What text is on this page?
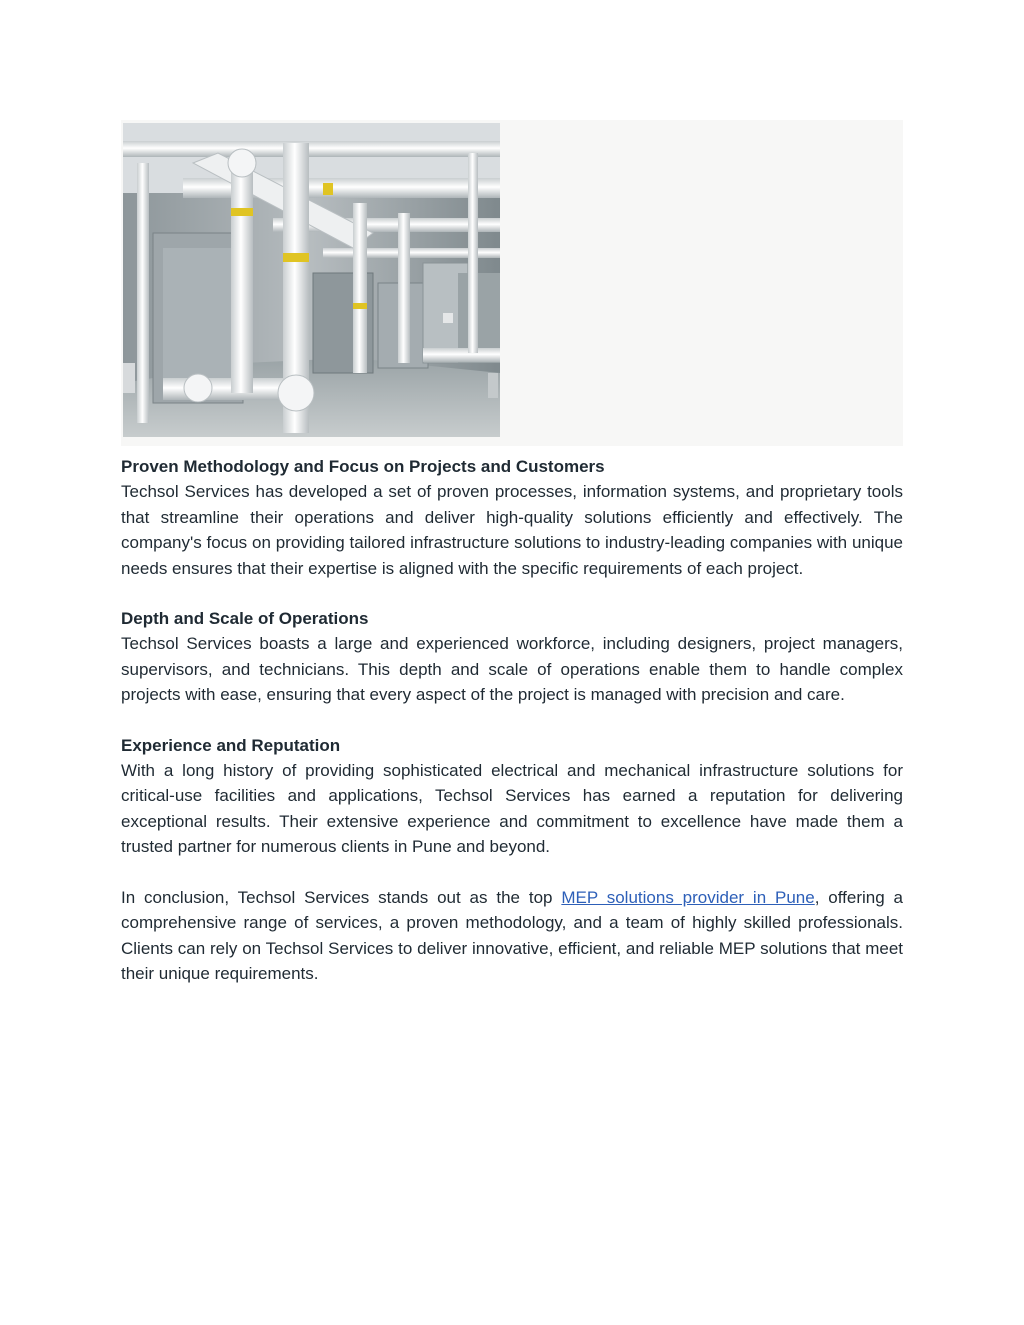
Proven Methodology and Focus on Projects and Customers

Techsol Services has developed a set of proven processes, information systems, and proprietary tools that streamline their operations and deliver high-quality solutions efficiently and effectively. The company's focus on providing tailored infrastructure solutions to industry-leading companies with unique needs ensures that their expertise is aligned with the specific requirements of each project.

Depth and Scale of Operations

Techsol Services boasts a large and experienced workforce, including designers, project managers, supervisors, and technicians. This depth and scale of operations enable them to handle complex projects with ease, ensuring that every aspect of the project is managed with precision and care.

Experience and Reputation

With a long history of providing sophisticated electrical and mechanical infrastructure solutions for critical-use facilities and applications, Techsol Services has earned a reputation for delivering exceptional results. Their extensive experience and commitment to excellence have made them a trusted partner for numerous clients in Pune and beyond.

In conclusion, Techsol Services stands out as the top MEP solutions provider in Pune, offering a comprehensive range of services, a proven methodology, and a team of highly skilled professionals. Clients can rely on Techsol Services to deliver innovative, efficient, and reliable MEP solutions that meet their unique requirements.
